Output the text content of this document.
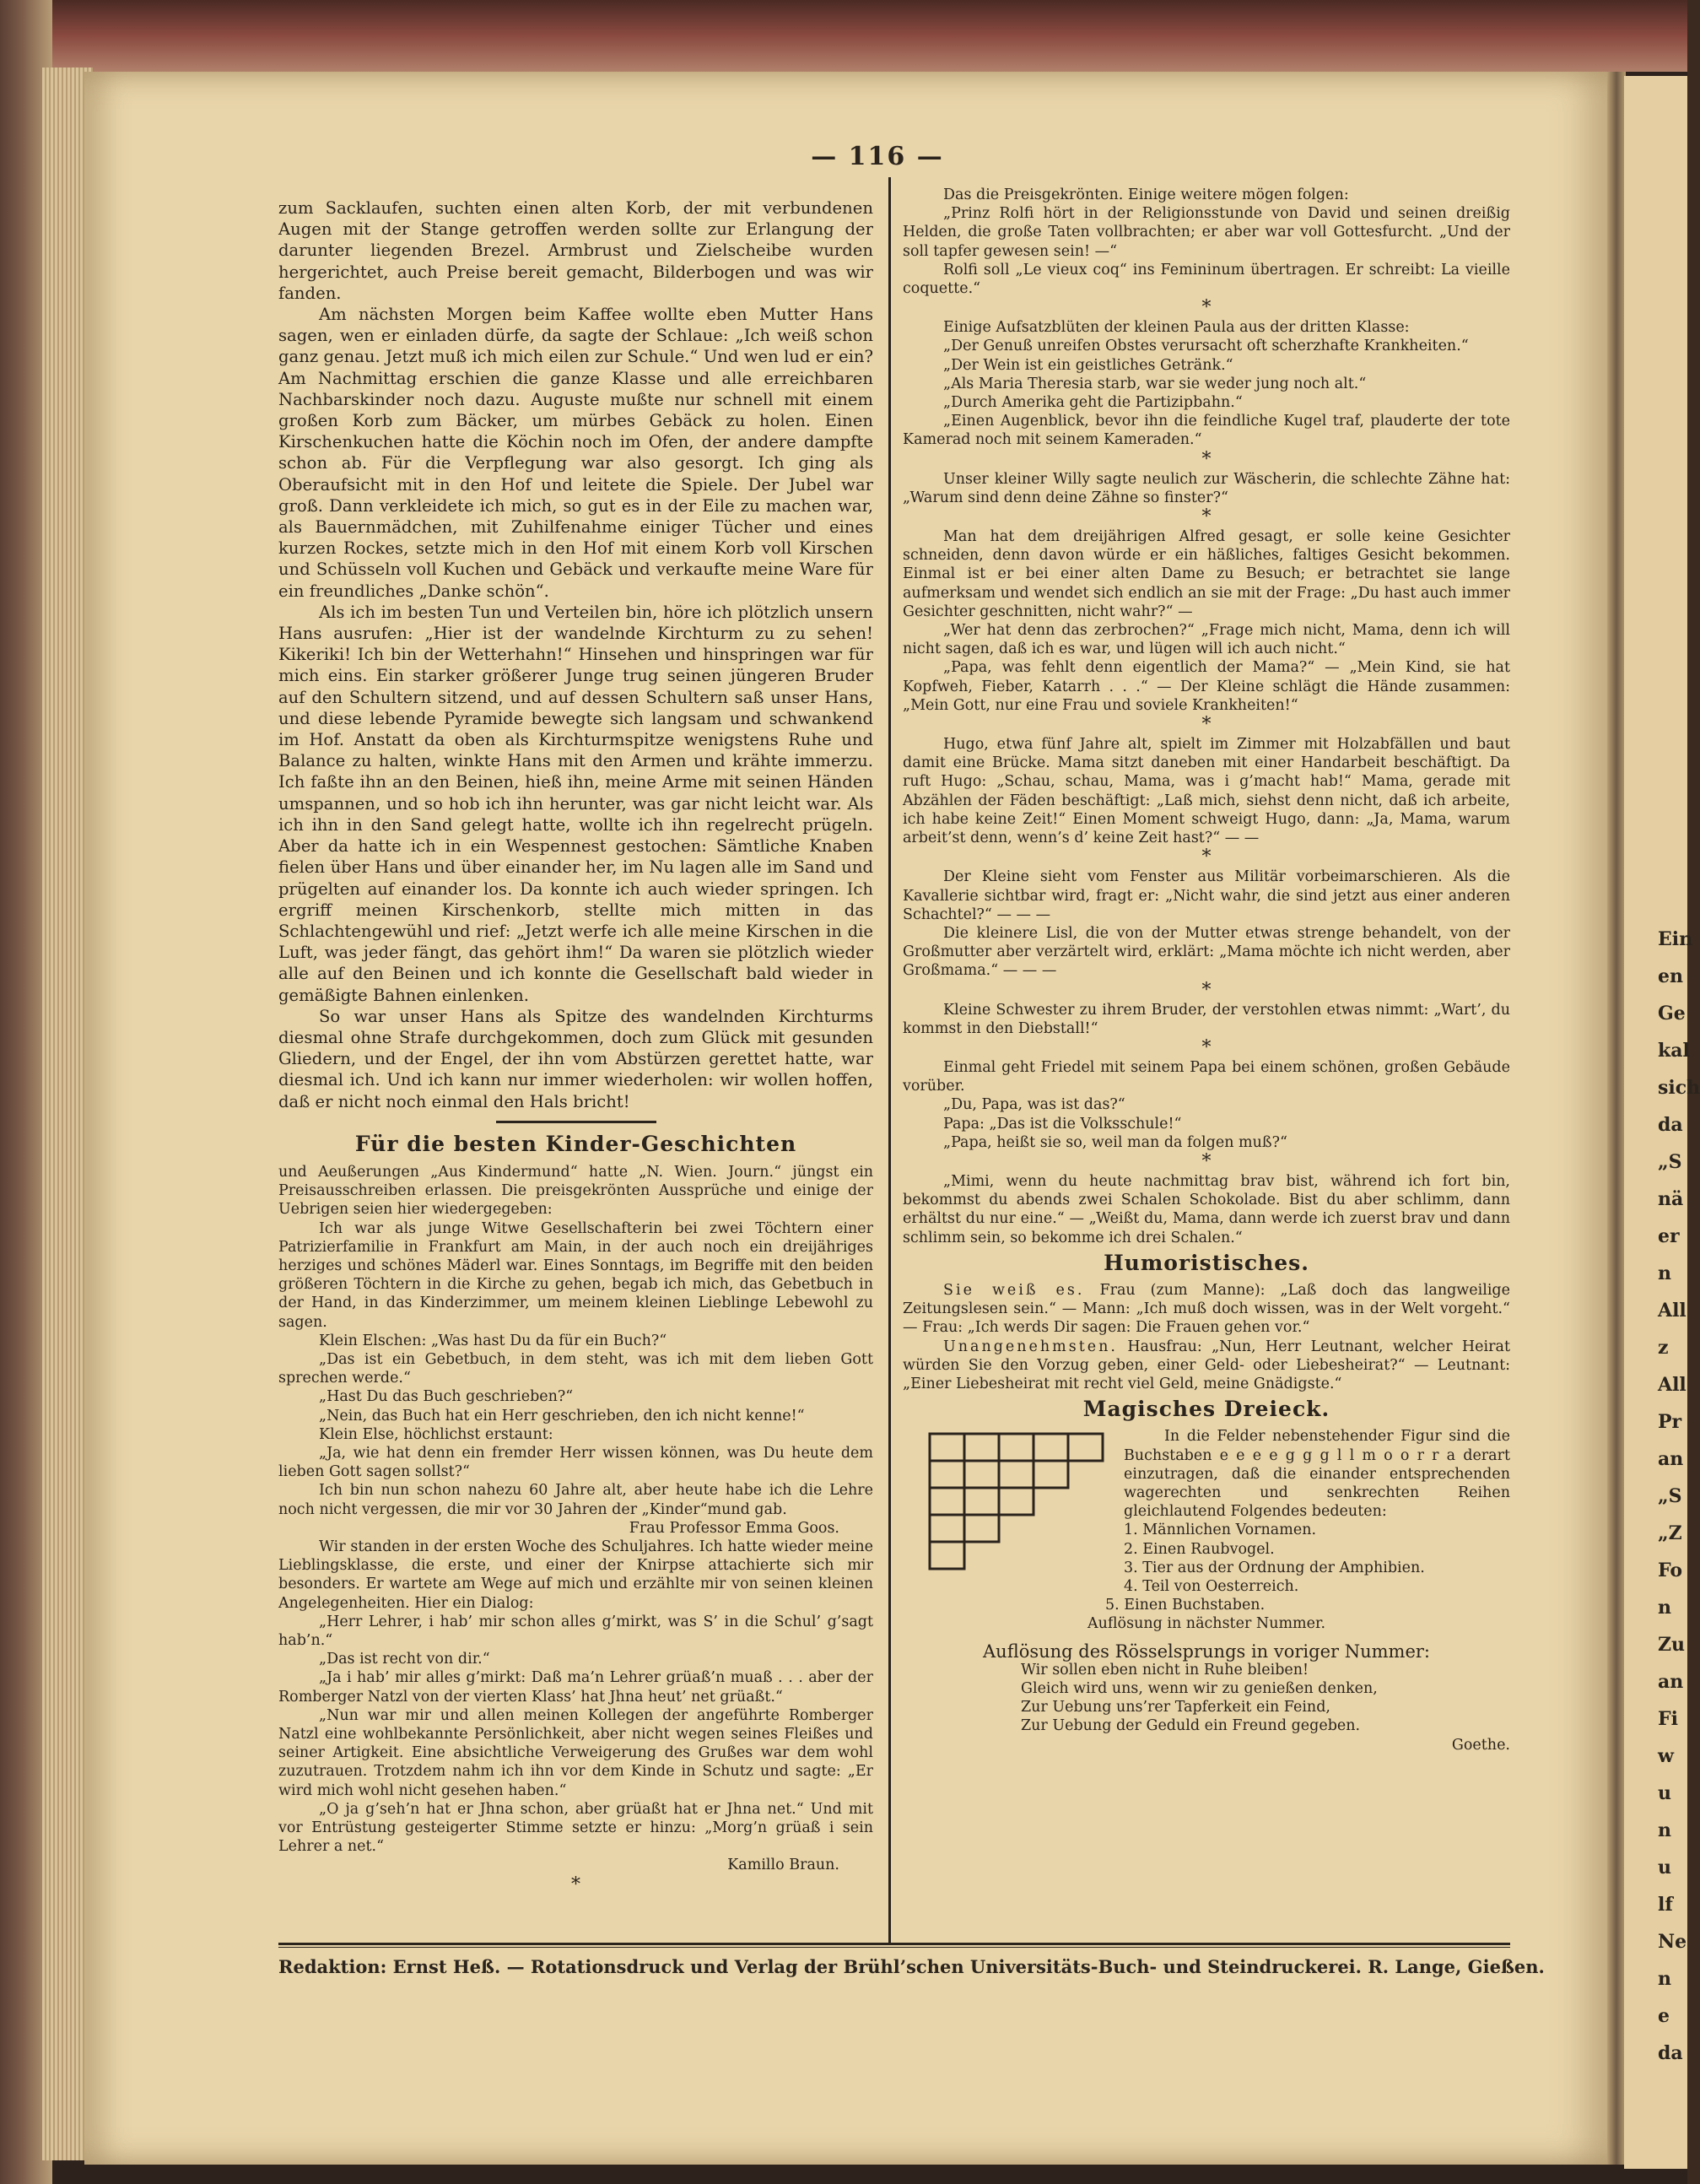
Ein
en
Ge
kal
sich
da
„S
nä
er
n
All
z
All
Pr
an
„S
„Z
Fo
n
Zu
an
Fi
w
u
n
u
lf
Ne
n
e
da
— 116 —

zum Sacklaufen, suchten einen alten Korb, der mit verbundenen Augen mit der Stange getroffen werden sollte zur Erlangung der darunter liegenden Brezel. Armbrust und Zielscheibe wurden hergerichtet, auch Preise bereit gemacht, Bilderbogen und was wir fanden.

Am nächsten Morgen beim Kaffee wollte eben Mutter Hans sagen, wen er einladen dürfe, da sagte der Schlaue: „Ich weiß schon ganz genau. Jetzt muß ich mich eilen zur Schule.“ Und wen lud er ein? Am Nachmittag erschien die ganze Klasse und alle erreichbaren Nachbarskinder noch dazu. Auguste mußte nur schnell mit einem großen Korb zum Bäcker, um mürbes Gebäck zu holen. Einen Kirschenkuchen hatte die Köchin noch im Ofen, der andere dampfte schon ab. Für die Verpflegung war also gesorgt. Ich ging als Oberaufsicht mit in den Hof und leitete die Spiele. Der Jubel war groß. Dann verkleidete ich mich, so gut es in der Eile zu machen war, als Bauernmädchen, mit Zuhilfenahme einiger Tücher und eines kurzen Rockes, setzte mich in den Hof mit einem Korb voll Kirschen und Schüsseln voll Kuchen und Gebäck und verkaufte meine Ware für ein freundliches „Danke schön“.

Als ich im besten Tun und Verteilen bin, höre ich plötzlich unsern Hans ausrufen: „Hier ist der wandelnde Kirchturm zu zu sehen! Kikeriki! Ich bin der Wetterhahn!“ Hinsehen und hinspringen war für mich eins. Ein starker größerer Junge trug seinen jüngeren Bruder auf den Schultern sitzend, und auf dessen Schultern saß unser Hans, und diese lebende Pyramide bewegte sich langsam und schwankend im Hof. Anstatt da oben als Kirchturmspitze wenigstens Ruhe und Balance zu halten, winkte Hans mit den Armen und krähte immerzu. Ich faßte ihn an den Beinen, hieß ihn, meine Arme mit seinen Händen umspannen, und so hob ich ihn herunter, was gar nicht leicht war. Als ich ihn in den Sand gelegt hatte, wollte ich ihn regelrecht prügeln. Aber da hatte ich in ein Wespennest gestochen: Sämtliche Knaben fielen über Hans und über einander her, im Nu lagen alle im Sand und prügelten auf einander los. Da konnte ich auch wieder springen. Ich ergriff meinen Kirschenkorb, stellte mich mitten in das Schlachtengewühl und rief: „Jetzt werfe ich alle meine Kirschen in die Luft, was jeder fängt, das gehört ihm!“ Da waren sie plötzlich wieder alle auf den Beinen und ich konnte die Gesellschaft bald wieder in gemäßigte Bahnen einlenken.

So war unser Hans als Spitze des wandelnden Kirchturms diesmal ohne Strafe durchgekommen, doch zum Glück mit gesunden Gliedern, und der Engel, der ihn vom Abstürzen gerettet hatte, war diesmal ich. Und ich kann nur immer wiederholen: wir wollen hoffen, daß er nicht noch einmal den Hals bricht!

Für die besten Kinder-Geschichten

und Aeußerungen „Aus Kindermund“ hatte „N. Wien. Journ.“ jüngst ein Preisausschreiben erlassen. Die preisgekrönten Aussprüche und einige der Uebrigen seien hier wiedergegeben:

Ich war als junge Witwe Gesellschafterin bei zwei Töchtern einer Patrizierfamilie in Frankfurt am Main, in der auch noch ein dreijähriges herziges und schönes Mäderl war. Eines Sonntags, im Begriffe mit den beiden größeren Töchtern in die Kirche zu gehen, begab ich mich, das Gebetbuch in der Hand, in das Kinderzimmer, um meinem kleinen Lieblinge Lebewohl zu sagen.

Klein Elschen: „Was hast Du da für ein Buch?“

„Das ist ein Gebetbuch, in dem steht, was ich mit dem lieben Gott sprechen werde.“

„Hast Du das Buch geschrieben?“

„Nein, das Buch hat ein Herr geschrieben, den ich nicht kenne!“

Klein Else, höchlichst erstaunt:

„Ja, wie hat denn ein fremder Herr wissen können, was Du heute dem lieben Gott sagen sollst?“

Ich bin nun schon nahezu 60 Jahre alt, aber heute habe ich die Lehre noch nicht vergessen, die mir vor 30 Jahren der „Kinder“mund gab.

Frau Professor Emma Goos.

Wir standen in der ersten Woche des Schuljahres. Ich hatte wieder meine Lieblingsklasse, die erste, und einer der Knirpse attachierte sich mir besonders. Er wartete am Wege auf mich und erzählte mir von seinen kleinen Angelegenheiten. Hier ein Dialog:

„Herr Lehrer, i hab’ mir schon alles g’mirkt, was S’ in die Schul’ g’sagt hab’n.“

„Das ist recht von dir.“

„Ja i hab’ mir alles g’mirkt: Daß ma’n Lehrer grüaß’n muaß . . . aber der Romberger Natzl von der vierten Klass’ hat Jhna heut’ net grüaßt.“

„Nun war mir und allen meinen Kollegen der angeführte Romberger Natzl eine wohlbekannte Persönlichkeit, aber nicht wegen seines Fleißes und seiner Artigkeit. Eine absichtliche Verweigerung des Grußes war dem wohl zuzutrauen. Trotzdem nahm ich ihn vor dem Kinde in Schutz und sagte: „Er wird mich wohl nicht gesehen haben.“

„O ja g’seh’n hat er Jhna schon, aber grüaßt hat er Jhna net.“ Und mit vor Entrüstung gesteigerter Stimme setzte er hinzu: „Morg’n grüaß i sein Lehrer a net.“

Kamillo Braun.

*

Das die Preisgekrönten. Einige weitere mögen folgen:

„Prinz Rolfi hört in der Religionsstunde von David und seinen dreißig Helden, die große Taten vollbrachten; er aber war voll Gottesfurcht. „Und der soll tapfer gewesen sein! —“

Rolfi soll „Le vieux coq“ ins Femininum übertragen. Er schreibt: La vieille coquette.“

*

Einige Aufsatzblüten der kleinen Paula aus der dritten Klasse:

„Der Genuß unreifen Obstes verursacht oft scherzhafte Krankheiten.“

„Der Wein ist ein geistliches Getränk.“

„Als Maria Theresia starb, war sie weder jung noch alt.“

„Durch Amerika geht die Partizipbahn.“

„Einen Augenblick, bevor ihn die feindliche Kugel traf, plauderte der tote Kamerad noch mit seinem Kameraden.“

*

Unser kleiner Willy sagte neulich zur Wäscherin, die schlechte Zähne hat: „Warum sind denn deine Zähne so finster?“

*

Man hat dem dreijährigen Alfred gesagt, er solle keine Gesichter schneiden, denn davon würde er ein häßliches, faltiges Gesicht bekommen. Einmal ist er bei einer alten Dame zu Besuch; er betrachtet sie lange aufmerksam und wendet sich endlich an sie mit der Frage: „Du hast auch immer Gesichter geschnitten, nicht wahr?“ —

„Wer hat denn das zerbrochen?“ „Frage mich nicht, Mama, denn ich will nicht sagen, daß ich es war, und lügen will ich auch nicht.“

„Papa, was fehlt denn eigentlich der Mama?“ — „Mein Kind, sie hat Kopfweh, Fieber, Katarrh . . .“ — Der Kleine schlägt die Hände zusammen: „Mein Gott, nur eine Frau und soviele Krankheiten!“

*

Hugo, etwa fünf Jahre alt, spielt im Zimmer mit Holzabfällen und baut damit eine Brücke. Mama sitzt daneben mit einer Handarbeit beschäftigt. Da ruft Hugo: „Schau, schau, Mama, was i g’macht hab!“ Mama, gerade mit Abzählen der Fäden beschäftigt: „Laß mich, siehst denn nicht, daß ich arbeite, ich habe keine Zeit!“ Einen Moment schweigt Hugo, dann: „Ja, Mama, warum arbeit’st denn, wenn’s d’ keine Zeit hast?“ — —

*

Der Kleine sieht vom Fenster aus Militär vorbeimarschieren. Als die Kavallerie sichtbar wird, fragt er: „Nicht wahr, die sind jetzt aus einer anderen Schachtel?“ — — —

Die kleinere Lisl, die von der Mutter etwas strenge behandelt, von der Großmutter aber verzärtelt wird, erklärt: „Mama möchte ich nicht werden, aber Großmama.“ — — —

*

Kleine Schwester zu ihrem Bruder, der verstohlen etwas nimmt: „Wart’, du kommst in den Diebstall!“

*

Einmal geht Friedel mit seinem Papa bei einem schönen, großen Gebäude vorüber.

„Du, Papa, was ist das?“

Papa: „Das ist die Volksschule!“

„Papa, heißt sie so, weil man da folgen muß?“

*

„Mimi, wenn du heute nachmittag brav bist, während ich fort bin, bekommst du abends zwei Schalen Schokolade. Bist du aber schlimm, dann erhältst du nur eine.“ — „Weißt du, Mama, dann werde ich zuerst brav und dann schlimm sein, so bekomme ich drei Schalen.“

Humoristisches.

Sie weiß es. Frau (zum Manne): „Laß doch das langweilige Zeitungslesen sein.“ — Mann: „Ich muß doch wissen, was in der Welt vorgeht.“ — Frau: „Ich werds Dir sagen: Die Frauen gehen vor.“

Unangenehmsten. Hausfrau: „Nun, Herr Leutnant, welcher Heirat würden Sie den Vorzug geben, einer Geld- oder Liebesheirat?“ — Leutnant: „Einer Liebesheirat mit recht viel Geld, meine Gnädigste.“

Magisches Dreieck.

In die Felder nebenstehender Figur sind die Buchstaben e e e e g g g l l m o o r r a derart einzutragen, daß die einander entsprechenden wagerechten und senkrechten Reihen gleichlautend Folgendes bedeuten:

1. Männlichen Vornamen.
2. Einen Raubvogel.
3. Tier aus der Ordnung der Amphibien.
4. Teil von Oesterreich.
5. Einen Buchstaben.

Auflösung in nächster Nummer.

Auflösung des Rösselsprungs in voriger Nummer:

Wir sollen eben nicht in Ruhe bleiben!
Gleich wird uns, wenn wir zu genießen denken,
Zur Uebung uns’rer Tapferkeit ein Feind,
Zur Uebung der Geduld ein Freund gegeben.

Goethe.

Redaktion: Ernst Heß. — Rotationsdruck und Verlag der Brühl’schen Universitäts-Buch- und Steindruckerei. R. Lange, Gießen.
